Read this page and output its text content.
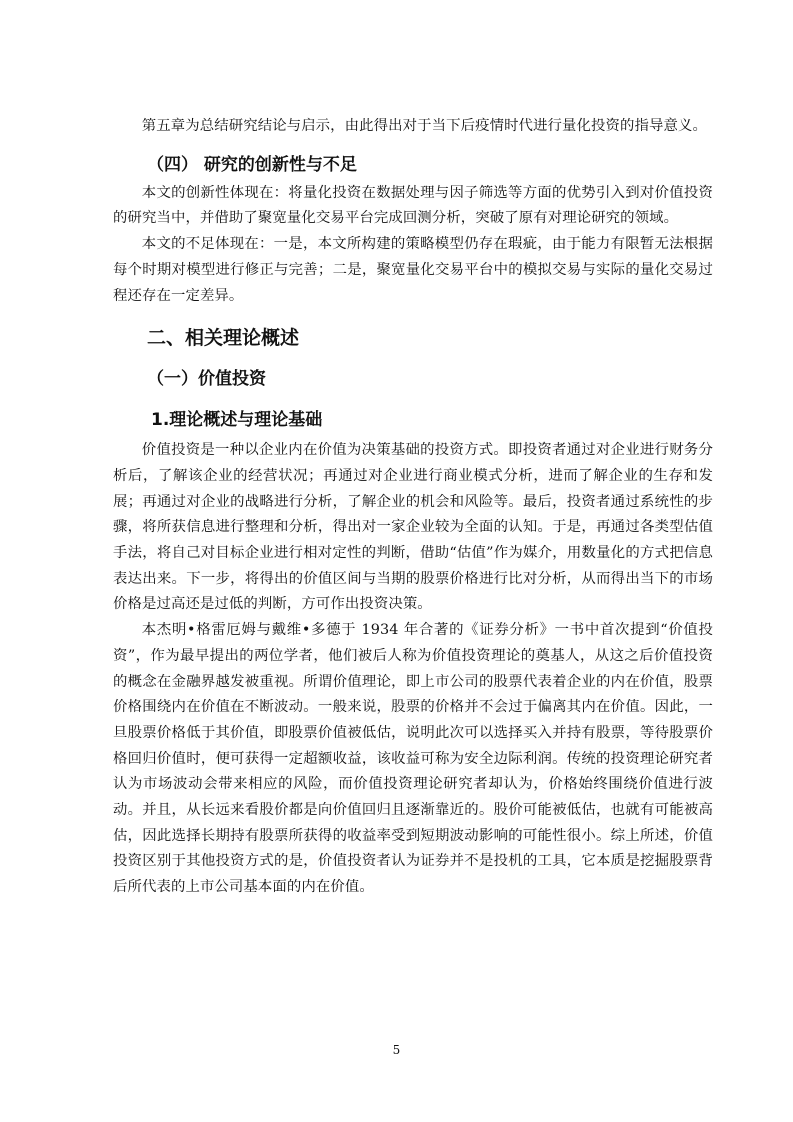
第五章为总结研究结论与启示，由此得出对于当下后疫情时代进行量化投资的指导意义。

（四） 研究的创新性与不足

本文的创新性体现在：将量化投资在数据处理与因子筛选等方面的优势引入到对价值投资的研究当中，并借助了聚宽量化交易平台完成回测分析，突破了原有对理论研究的领域。

本文的不足体现在：一是，本文所构建的策略模型仍存在瑕疵，由于能力有限暂无法根据每个时期对模型进行修正与完善；二是，聚宽量化交易平台中的模拟交易与实际的量化交易过程还存在一定差异。

二、相关理论概述
（一）价值投资
1.理论概述与理论基础

价值投资是一种以企业内在价值为决策基础的投资方式。即投资者通过对企业进行财务分析后，了解该企业的经营状况；再通过对企业进行商业模式分析，进而了解企业的生存和发展；再通过对企业的战略进行分析，了解企业的机会和风险等。最后，投资者通过系统性的步骤，将所获信息进行整理和分析，得出对一家企业较为全面的认知。于是，再通过各类型估值手法，将自己对目标企业进行相对定性的判断，借助“估值”作为媒介，用数量化的方式把信息表达出来。下一步，将得出的价值区间与当期的股票价格进行比对分析，从而得出当下的市场价格是过高还是过低的判断，方可作出投资决策。

本杰明•格雷厄姆与戴维•多德于 1934 年合著的《证券分析》一书中首次提到“价值投资”，作为最早提出的两位学者，他们被后人称为价值投资理论的奠基人，从这之后价值投资的概念在金融界越发被重视。所谓价值理论，即上市公司的股票代表着企业的内在价值，股票价格围绕内在价值在不断波动。一般来说，股票的价格并不会过于偏离其内在价值。因此，一旦股票价格低于其价值，即股票价值被低估，说明此次可以选择买入并持有股票，等待股票价格回归价值时，便可获得一定超额收益，该收益可称为安全边际利润。传统的投资理论研究者认为市场波动会带来相应的风险，而价值投资理论研究者却认为，价格始终围绕价值进行波动。并且，从长远来看股价都是向价值回归且逐渐靠近的。股价可能被低估，也就有可能被高估，因此选择长期持有股票所获得的收益率受到短期波动影响的可能性很小。综上所述，价值投资区别于其他投资方式的是，价值投资者认为证券并不是投机的工具，它本质是挖掘股票背后所代表的上市公司基本面的内在价值。

5
